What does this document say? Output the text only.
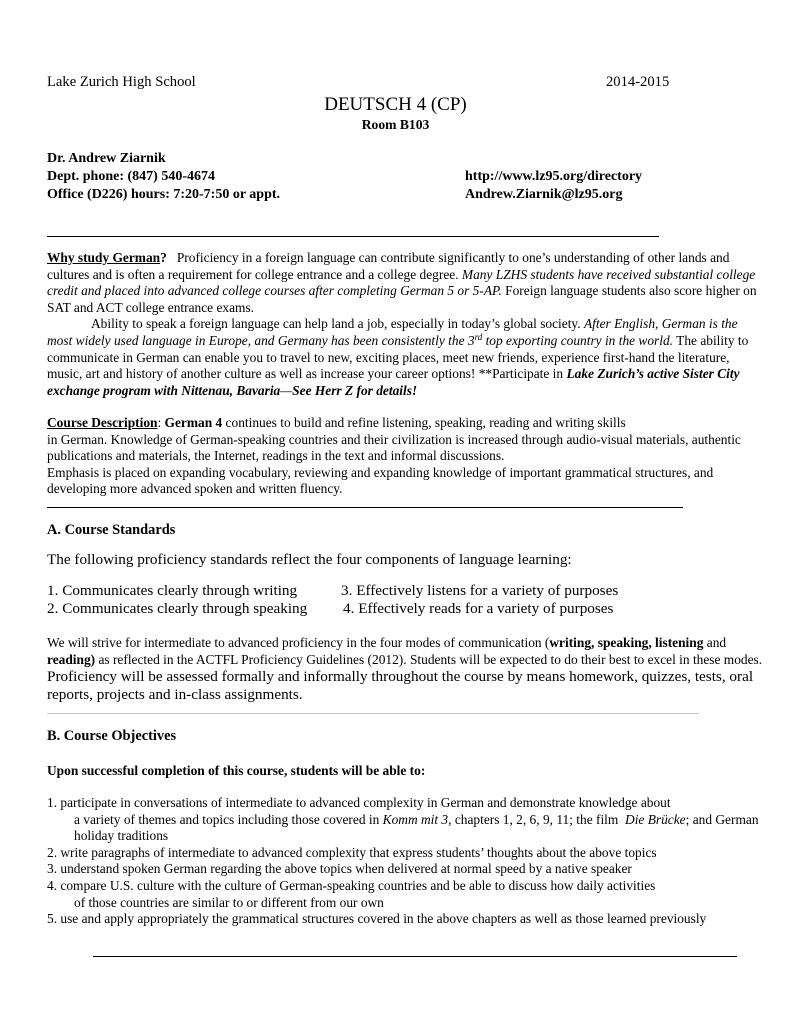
Lake Zurich High School	2014-2015
DEUTSCH 4 (CP)
Room B103
Dr. Andrew Ziarnik
Dept. phone: (847) 540-4674
Office (D226) hours: 7:20-7:50 or appt.
http://www.lz95.org/directory
Andrew.Ziarnik@lz95.org

Why study German?   Proficiency in a foreign language can contribute significantly to one’s understanding of other lands and cultures and is often a requirement for college entrance and a college degree. Many LZHS students have received substantial college credit and placed into advanced college courses after completing German 5 or 5-AP. Foreign language students also score higher on SAT and ACT college entrance exams.

Ability to speak a foreign language can help land a job, especially in today’s global society. After English, German is the most widely used language in Europe, and Germany has been consistently the 3rd top exporting country in the world. The ability to communicate in German can enable you to travel to new, exciting places, meet new friends, experience first-hand the literature, music, art and history of another culture as well as increase your career options! **Participate in Lake Zurich’s active Sister City exchange program with Nittenau, Bavaria—See Herr Z for details!

Course Description: German 4 continues to build and refine listening, speaking, reading and writing skills

in German. Knowledge of German-speaking countries and their civilization is increased through audio-visual materials, authentic publications and materials, the Internet, readings in the text and informal discussions.

Emphasis is placed on expanding vocabulary, reviewing and expanding knowledge of important grammatical structures, and developing more advanced spoken and written fluency.

A. Course Standards
The following proficiency standards reflect the four components of language learning:
1. Communicates clearly through writing	3. Effectively listens for a variety of purposes
2. Communicates clearly through speaking 4. Effectively reads for a variety of purposes

We will strive for intermediate to advanced proficiency in the four modes of communication (writing, speaking, listening and reading) as reflected in the ACTFL Proficiency Guidelines (2012). Students will be expected to do their best to excel in these modes. Proficiency will be assessed formally and informally throughout the course by means homework, quizzes, tests, oral reports, projects and in-class assignments.

B. Course Objectives
Upon successful completion of this course, students will be able to:

1. participate in conversations of intermediate to advanced complexity in German and demonstrate knowledge about

a variety of themes and topics including those covered in Komm mit 3, chapters 1, 2, 6, 9, 11; the film  Die Brücke; and German holiday traditions

2. write paragraphs of intermediate to advanced complexity that express students’ thoughts about the above topics

3. understand spoken German regarding the above topics when delivered at normal speed by a native speaker

4. compare U.S. culture with the culture of German-speaking countries and be able to discuss how daily activities

of those countries are similar to or different from our own

5. use and apply appropriately the grammatical structures covered in the above chapters as well as those learned previously
